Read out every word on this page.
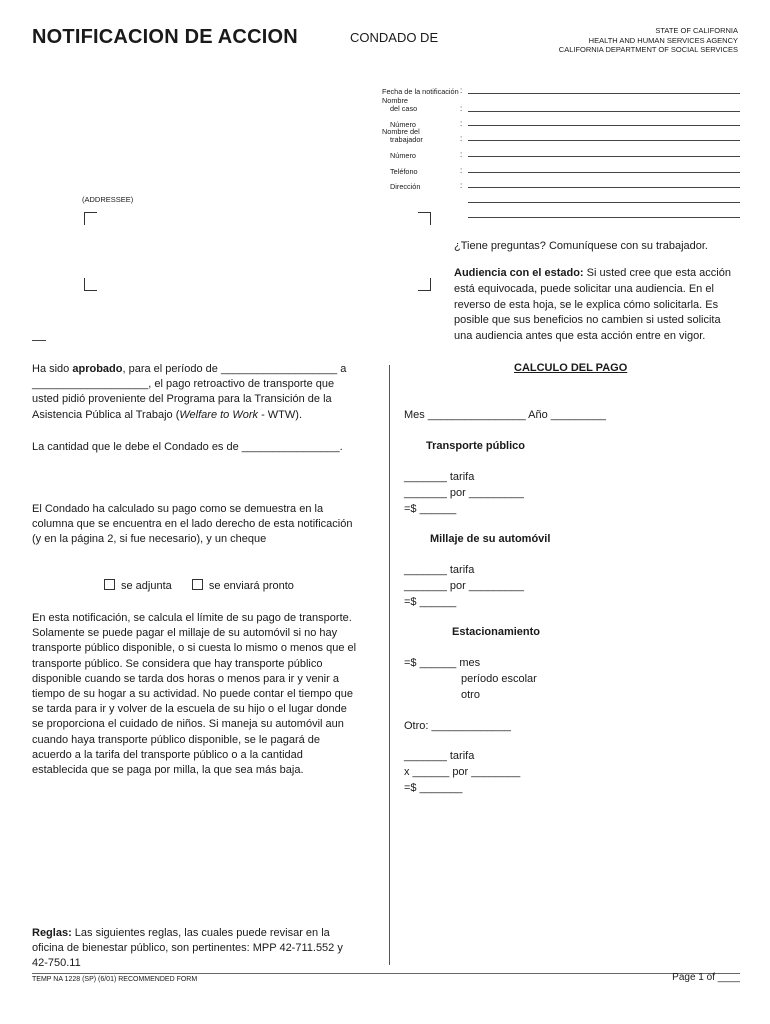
NOTIFICACION DE ACCION	CONDADO DE	STATE OF CALIFORNIA
HEALTH AND HUMAN SERVICES AGENCY
CALIFORNIA DEPARTMENT OF SOCIAL SERVICES
Fecha de la notificación :
Nombre
del caso	:
Número	:
Nombre del
trabajador	:
Número	:
Teléfono	:
Dirección	:
(ADDRESSEE)
¿Tiene preguntas? Comuníquese con su trabajador.
Audiencia con el estado: Si usted cree que esta acción
está equivocada, puede solicitar una audiencia. En el
reverso de esta hoja, se le explica cómo solicitarla. Es
posible que sus beneficios no cambien si usted solicita
una audiencia antes que esta acción entre en vigor.
Ha sido aprobado, para el período de ___________________ a
___________________, el pago retroactivo de transporte que
usted pidió proveniente del Programa para la Transición de la
Asistencia Pública al Trabajo (Welfare to Work - WTW).
La cantidad que le debe el Condado es de ________________.
El Condado ha calculado su pago como se demuestra en la
columna que se encuentra en el lado derecho de esta notificación
(y en la página 2, si fue necesario), y un cheque
se adjunta	se enviará pronto
En esta notificación, se calcula el límite de su pago de transporte.
Solamente se puede pagar el millaje de su automóvil si no hay
transporte público disponible, o si cuesta lo mismo o menos que el
transporte público. Se considera que hay transporte público
disponible cuando se tarda dos horas o menos para ir y venir a
tiempo de su hogar a su actividad. No puede contar el tiempo que
se tarda para ir y volver de la escuela de su hijo o el lugar donde
se proporciona el cuidado de niños. Si maneja su automóvil aun
cuando haya transporte público disponible, se le pagará de
acuerdo a la tarifa del transporte público o a la cantidad
establecida que se paga por milla, la que sea más baja.
Reglas: Las siguientes reglas, las cuales puede revisar en la
oficina de bienestar público, son pertinentes: MPP 42-711.552 y
42-750.11
CALCULO DEL PAGO
Mes ________________ Año _________
Transporte público
_______ tarifa
_______ por _________
=$ ______
Millaje de su automóvil
_______ tarifa
_______ por _________
=$ ______
Estacionamiento
=$ ______ mes
período escolar
otro
Otro: _____________
_______ tarifa
x ______ por ________
=$ _______
TEMP NA 1228 (SP) (6/01) RECOMMENDED FORM	Page 1 of ____
